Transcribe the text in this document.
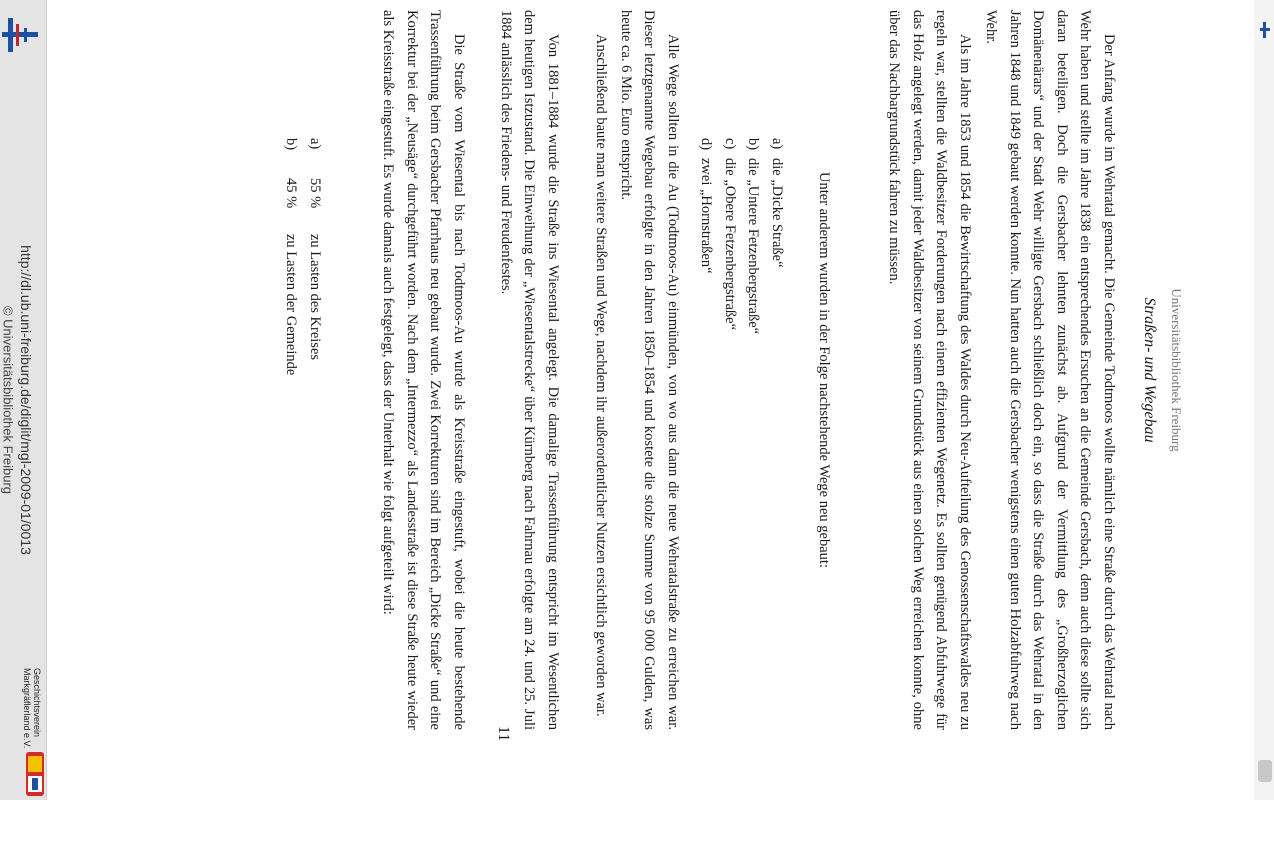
http://dl.ub.uni-freiburg.de/diglit/mgl-2009-01/0013
© Universitätsbibliothek Freiburg
Geschichtsverein
Markgräflerland e.V.
Universitätsbibliothek Freiburg
Straßen- und Wegebau
Der Anfang wurde im Wehratal gemacht. Die Gemeinde Todtmoos wollte nämlich eine Straße durch das Wehratal nach Wehr haben und stellte im Jahre 1838 ein entsprechendes Ersuchen an die Gemeinde Gersbach, denn auch diese sollte sich daran beteiligen. Doch die Gersbacher lehnten zunächst ab. Aufgrund der Vermittlung des „Großherzoglichen Domänenärars“ und der Stadt Wehr willigte Gersbach schließlich doch ein, so dass die Straße durch das Wehratal in den Jahren 1848 und 1849 gebaut werden konnte. Nun hatten auch die Gersbacher wenigstens einen guten Holzabfuhrweg nach Wehr.
Als im Jahre 1853 und 1854 die Bewirtschaftung des Waldes durch Neu-Aufteilung des Genossenschaftswaldes neu zu regeln war, stellten die Waldbesitzer Forderungen nach einem effizienten Wegenetz. Es sollten genügend Abfuhrwege für das Holz angelegt werden, damit jeder Waldbesitzer von seinem Grundstück aus einen solchen Weg erreichen konnte, ohne über das Nachbargrundstück fahren zu müssen.
Unter anderem wurden in der Folge nachstehende Wege neu gebaut:
a)
die „Dicke Straße“
b)
die „Untere Fetzenbergstraße“
c)
die „Obere Fetzenbergstraße“
d)
zwei „Hornstraßen“
Alle Wege sollten in die Au (Todtmoos-Au) einmünden, von wo aus dann die neue Wehratalstraße zu erreichen war. Dieser letztgenannte Wegebau erfolgte in den Jahren 1850–1854 und kostete die stolze Summe von 95 000 Gulden, was heute ca. 6 Mio. Euro entspricht.
Anschließend baute man weitere Straßen und Wege, nachdem ihr außerordentlicher Nutzen ersichtlich geworden war.
Von 1881–1884 wurde die Straße ins Wiesental angelegt. Die damalige Trassenführung entspricht im Wesentlichen dem heutigen Istzustand. Die Einweihung der „Wiesentalstrecke“ über Kürnberg nach Fahrnau erfolgte am 24. und 25. Juli 1884 anlässlich des Friedens- und Freudenfestes.
Die Straße vom Wiesental bis nach Todtmoos-Au wurde als Kreisstraße eingestuft, wobei die heute bestehende Trassenführung beim Gersbacher Pfarrhaus neu gebaut wurde. Zwei Korrekturen sind im Bereich „Dicke Straße“ und eine Korrektur bei der „Neusäge“ durchgeführt worden. Nach dem „Intermezzo“ als Landesstraße ist diese Straße heute wieder als Kreisstraße eingestuft. Es wurde damals auch festgelegt, dass der Unterhalt wie folgt aufgeteilt wird:
a)
55 %
zu Lasten des Kreises
b)
45 %
zu Lasten der Gemeinde
11
